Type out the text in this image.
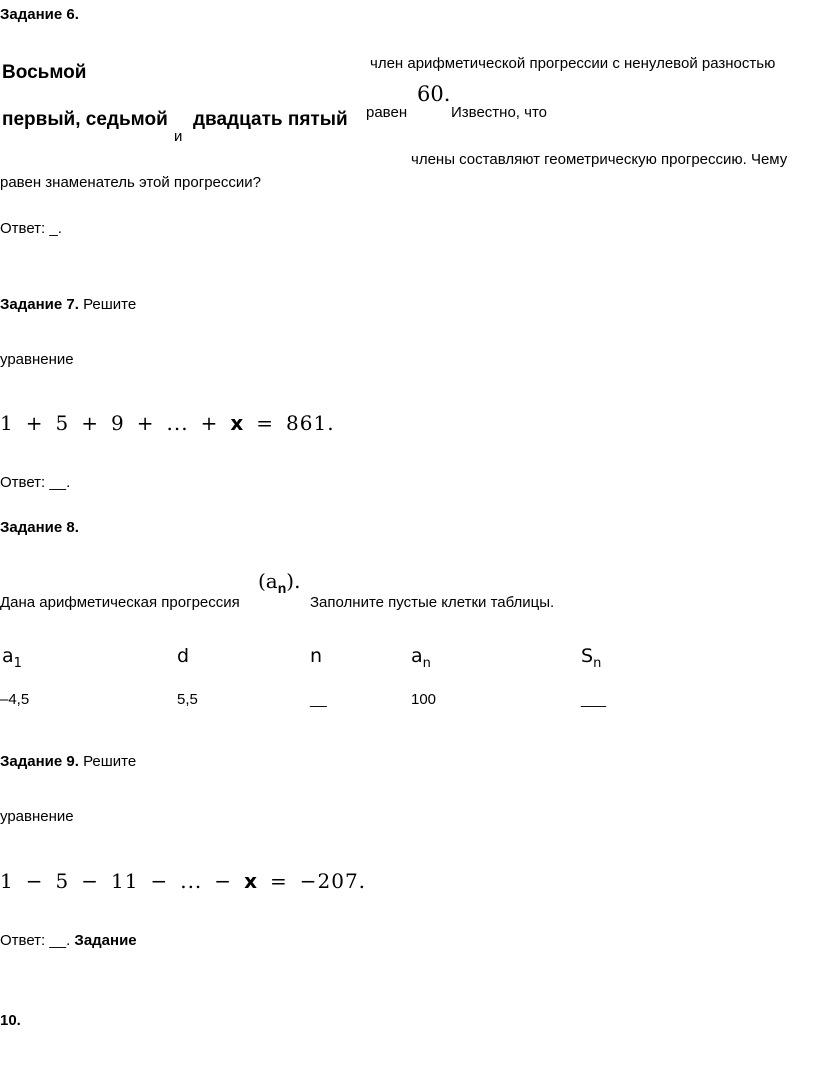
Задание 6.
Восьмой	член арифметической прогрессии с ненулевой разностью
первый, седьмой
и
двадцать пятый равен
60.
Известно, что
члены составляют геометрическую прогрессию. Чему
равен знаменатель этой прогрессии?
Ответ: _.
Задание 7. Решите
уравнение
1 + 5 + 9 + ... + x = 861.
Ответ: __.
Задание 8.
Дана арифметическая прогрессия
$(a_n)$.
Заполните пустые клетки таблицы.
$a_1$	d	n	$a_n$	$S_n$
–4,5	5,5	__	100	___
Задание 9. Решите
уравнение
1 − 5 − 11 − ... − x = −207.
Ответ: __. Задание
10.
